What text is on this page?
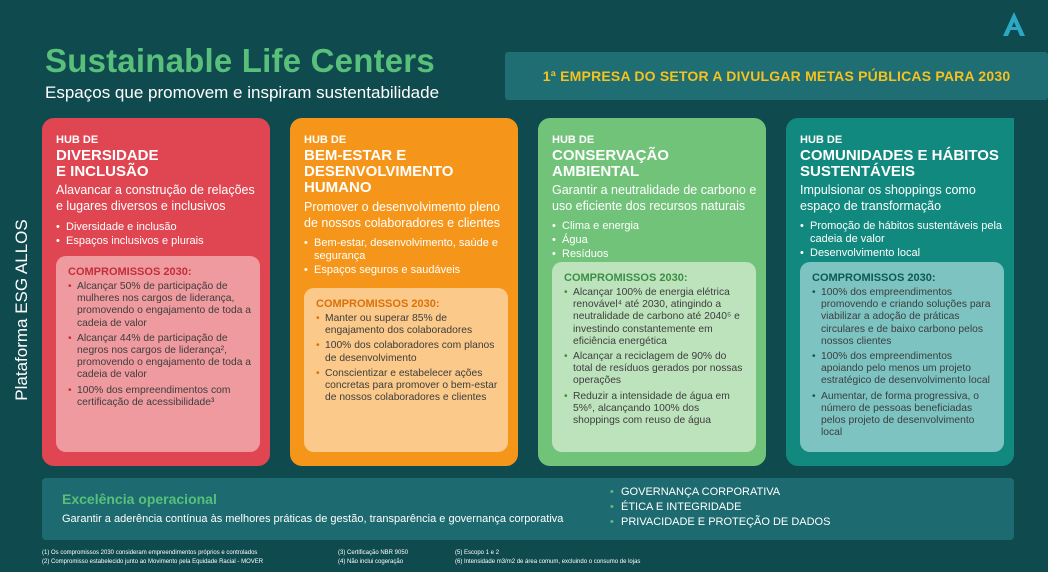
Sustainable Life Centers
Espaços que promovem e inspiram sustentabilidade
1ª EMPRESA DO SETOR A DIVULGAR METAS PÚBLICAS PARA 2030
Plataforma ESG ALLOS
HUB DE
DIVERSIDADE
E INCLUSÃO
Alavancar a construção de relações e lugares diversos e inclusivos
• Diversidade e inclusão
• Espaços inclusivos e plurais
COMPROMISSOS 2030:
• Alcançar 50% de participação de mulheres nos cargos de liderança, promovendo o engajamento de toda a cadeia de valor
• Alcançar 44% de participação de negros nos cargos de liderança², promovendo o engajamento de toda a cadeia de valor
• 100% dos empreendimentos com certificação de acessibilidade³
HUB DE
BEM-ESTAR E
DESENVOLVIMENTO
HUMANO
Promover o desenvolvimento pleno de nossos colaboradores e clientes
• Bem-estar, desenvolvimento, saúde e segurança
• Espaços seguros e saudáveis
COMPROMISSOS 2030:
• Manter ou superar 85% de engajamento dos colaboradores
• 100% dos colaboradores com planos de desenvolvimento
• Conscientizar e estabelecer ações concretas para promover o bem-estar de nossos colaboradores e clientes
HUB DE
CONSERVAÇÃO
AMBIENTAL
Garantir a neutralidade de carbono e uso eficiente dos recursos naturais
• Clima e energia
• Água
• Resíduos
COMPROMISSOS 2030:
• Alcançar 100% de energia elétrica renovável⁴ até 2030, atingindo a neutralidade de carbono até 2040⁵ e investindo constantemente em eficiência energética
• Alcançar a reciclagem de 90% do total de resíduos gerados por nossas operações
• Reduzir a intensidade de água em 5%⁶, alcançando 100% dos shoppings com reuso de água
HUB DE
COMUNIDADES E HÁBITOS
SUSTENTÁVEIS
Impulsionar os shoppings como espaço de transformação
• Promoção de hábitos sustentáveis pela cadeia de valor
• Desenvolvimento local
COMPROMISSOS 2030:
• 100% dos empreendimentos promovendo e criando soluções para viabilizar a adoção de práticas circulares e de baixo carbono pelos nossos clientes
• 100% dos empreendimentos apoiando pelo menos um projeto estratégico de desenvolvimento local
• Aumentar, de forma progressiva, o número de pessoas beneficiadas pelos projeto de desenvolvimento local
Excelência operacional
Garantir a aderência contínua às melhores práticas de gestão, transparência e governança corporativa
• GOVERNANÇA CORPORATIVA
• ÉTICA E INTEGRIDADE
• PRIVACIDADE E PROTEÇÃO DE DADOS
(1) Os compromissos 2030 consideram empreendimentos próprios e controlados
(2) Compromisso estabelecido junto ao Movimento pela Equidade Racial - MOVER
(3) Certificação NBR 9050
(4) Não inclui cogeração
(5) Escopo 1 e 2
(6) Intensidade m3/m2 de área comum, excluindo o consumo de lojas
